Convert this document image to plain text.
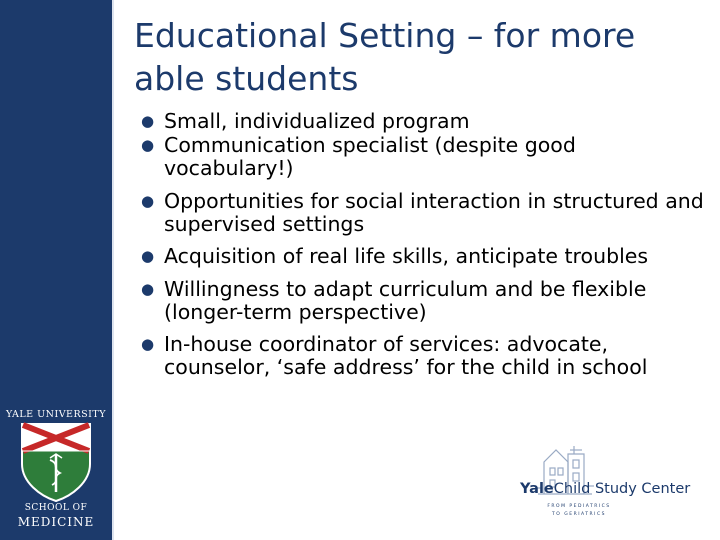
YALE UNIVERSITY
SCHOOL OF
MEDICINE
Educational Setting – for more able students
● Small, individualized program
● Communication specialist (despite good vocabulary!)
● Opportunities for social interaction in structured and supervised settings
● Acquisition of real life skills, anticipate troubles
● Willingness to adapt curriculum and be flexible (longer-term perspective)
● In-house coordinator of services: advocate, counselor, ‘safe address’ for the child in school
YaleChild Study Center
FROM PEDIATRICS TO GERIATRICS
